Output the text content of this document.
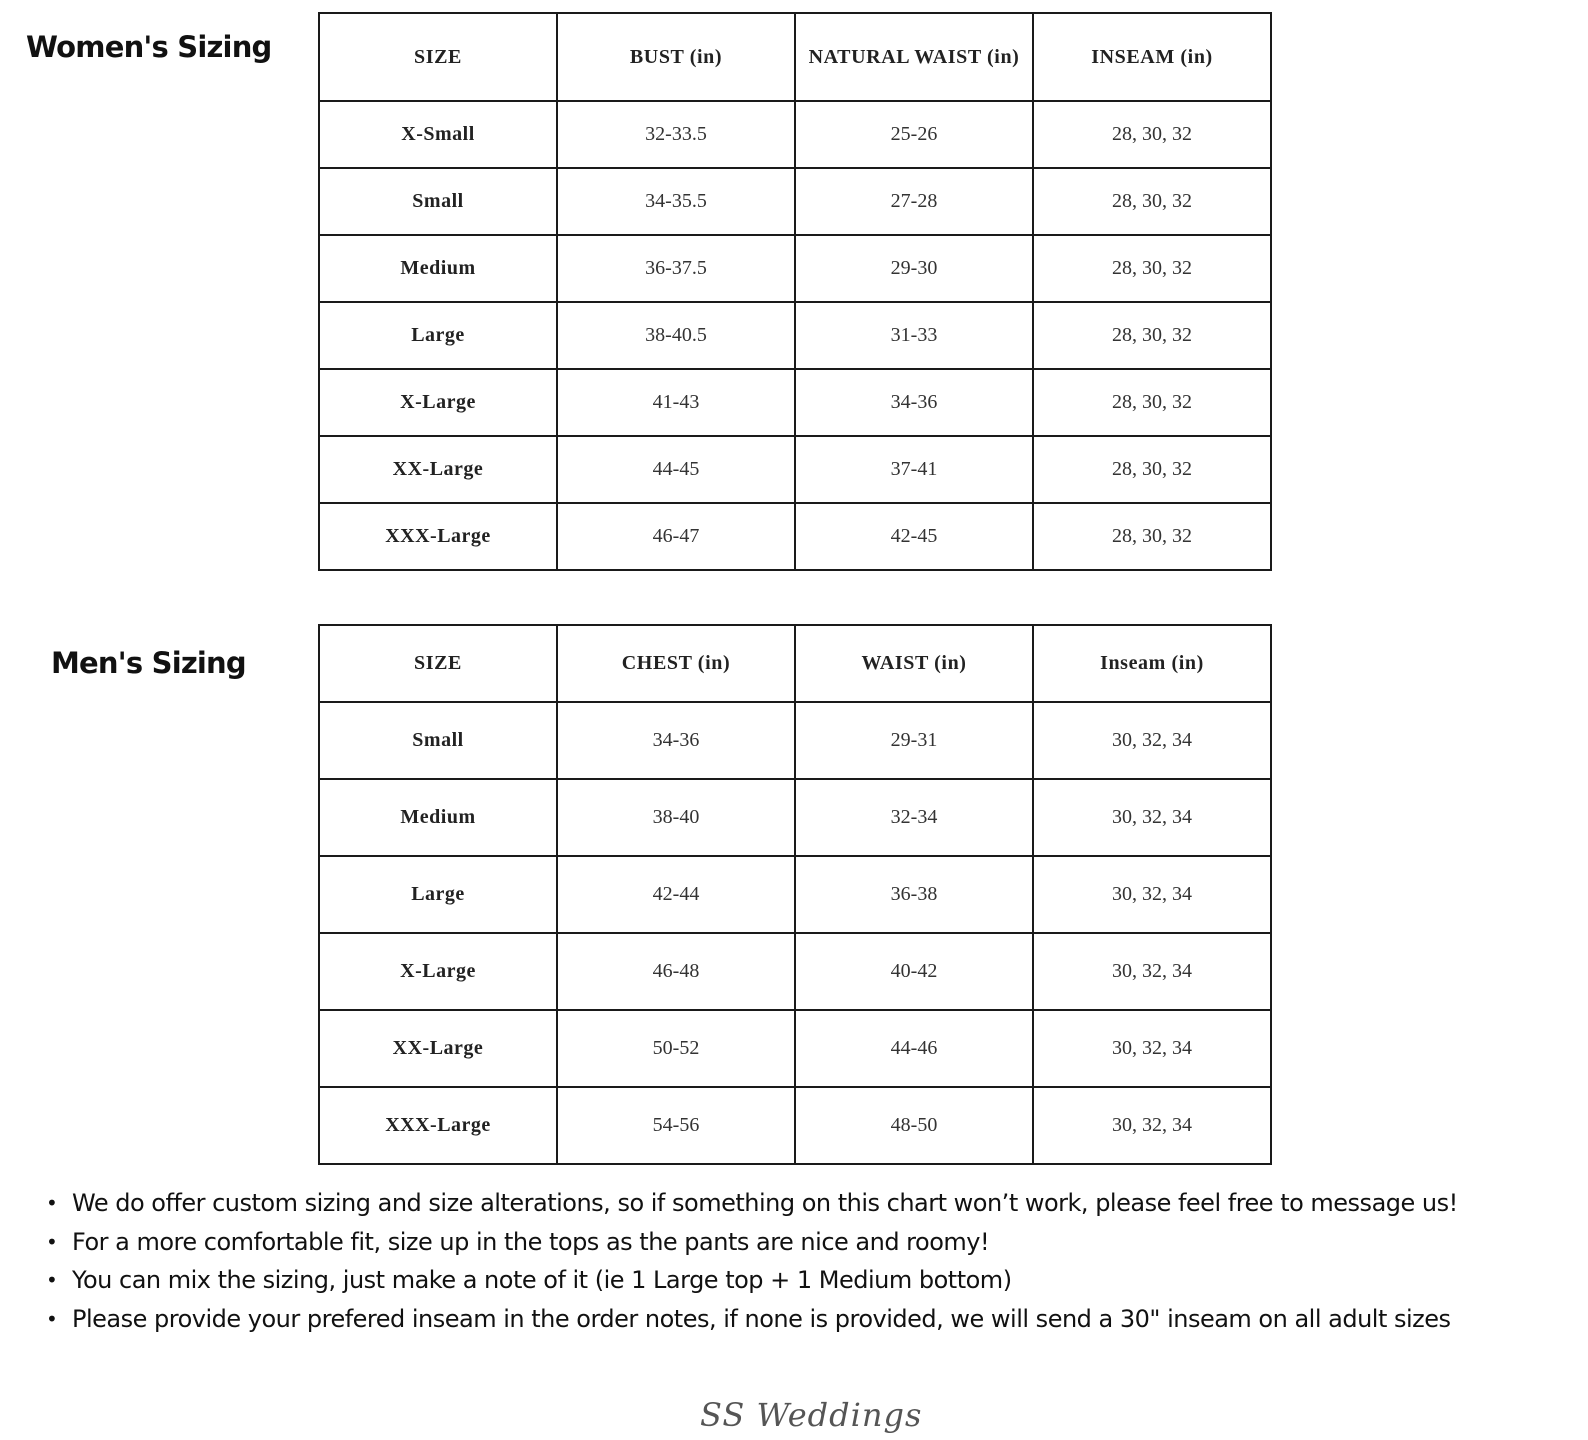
Women's Sizing	SIZE	BUST (in)	NATURAL WAIST (in)	INSEAM (in)
X-Small	32-33.5	25-26	28, 30, 32
Small	34-35.5	27-28	28, 30, 32
Medium	36-37.5	29-30	28, 30, 32
Large	38-40.5	31-33	28, 30, 32
X-Large	41-43	34-36	28, 30, 32
XX-Large	44-45	37-41	28, 30, 32
XXX-Large	46-47	42-45	28, 30, 32
Men's Sizing	SIZE	CHEST (in)	WAIST (in)	Inseam (in)
Small	34-36	29-31	30, 32, 34
Medium	38-40	32-34	30, 32, 34
Large	42-44	36-38	30, 32, 34
X-Large	46-48	40-42	30, 32, 34
XX-Large	50-52	44-46	30, 32, 34
XXX-Large	54-56	48-50	30, 32, 34
• We do offer custom sizing and size alterations, so if something on this chart won’t work, please feel free to message us!
• For a more comfortable fit, size up in the tops as the pants are nice and roomy!
• You can mix the sizing, just make a note of it (ie 1 Large top + 1 Medium bottom)
• Please provide your prefered inseam in the order notes, if none is provided, we will send a 30" inseam on all adult sizes
SS Weddings
